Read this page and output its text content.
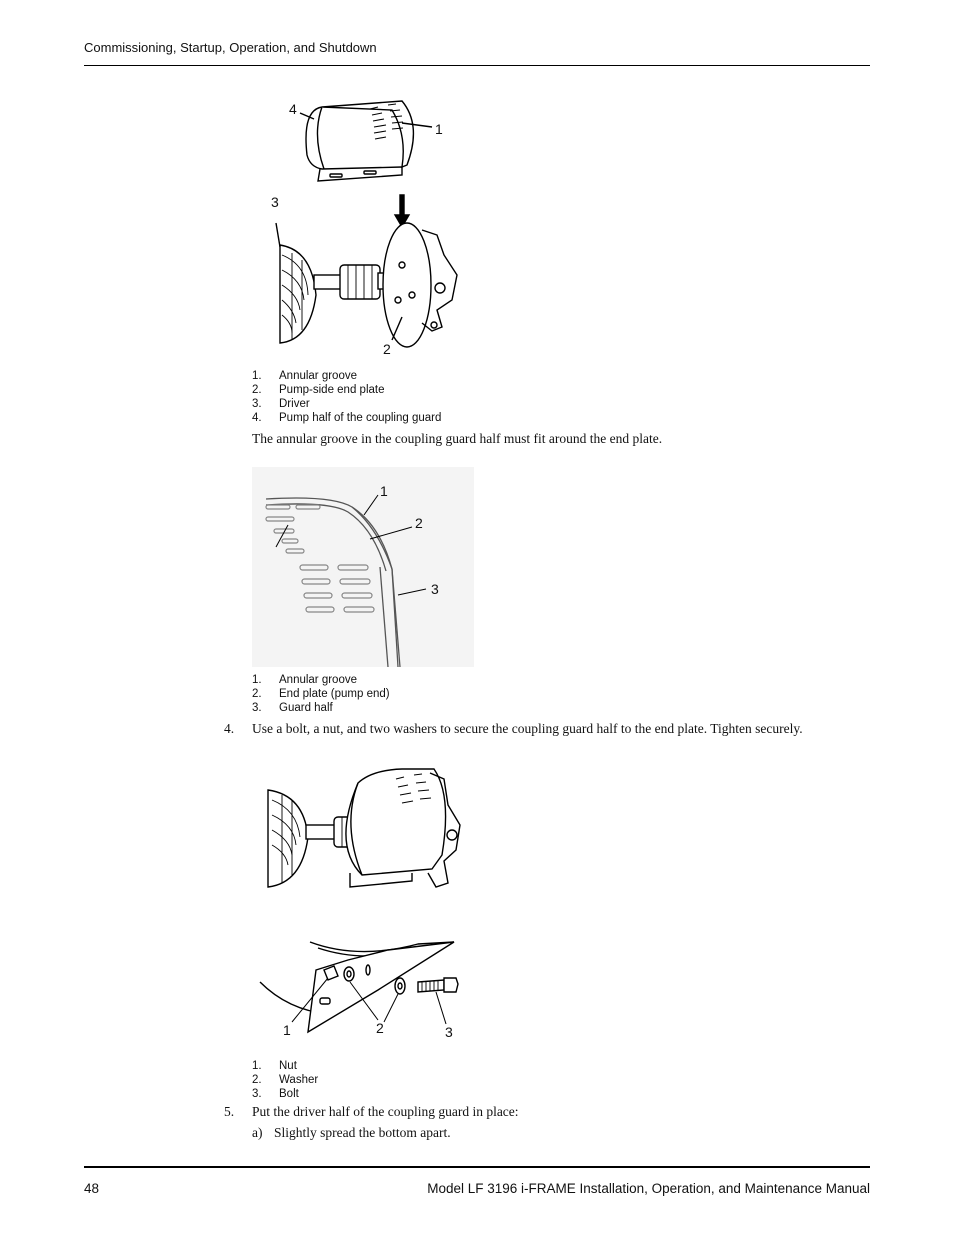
Commissioning, Startup, Operation, and Shutdown
4
1
3
2
1.	Annular groove
2.	Pump-side end plate
3.	Driver
4.	Pump half of the coupling guard
The annular groove in the coupling guard half must fit around the end plate.
1
2
3
1.	Annular groove
2.	End plate (pump end)
3.	Guard half
4. Use a bolt, a nut, and two washers to secure the coupling guard half to the end plate. Tighten securely.
1	2	3
1.	Nut
2.	Washer
3.	Bolt
5. Put the driver half of the coupling guard in place:
a) Slightly spread the bottom apart.
48	Model LF 3196 i-FRAME Installation, Operation, and Maintenance Manual
